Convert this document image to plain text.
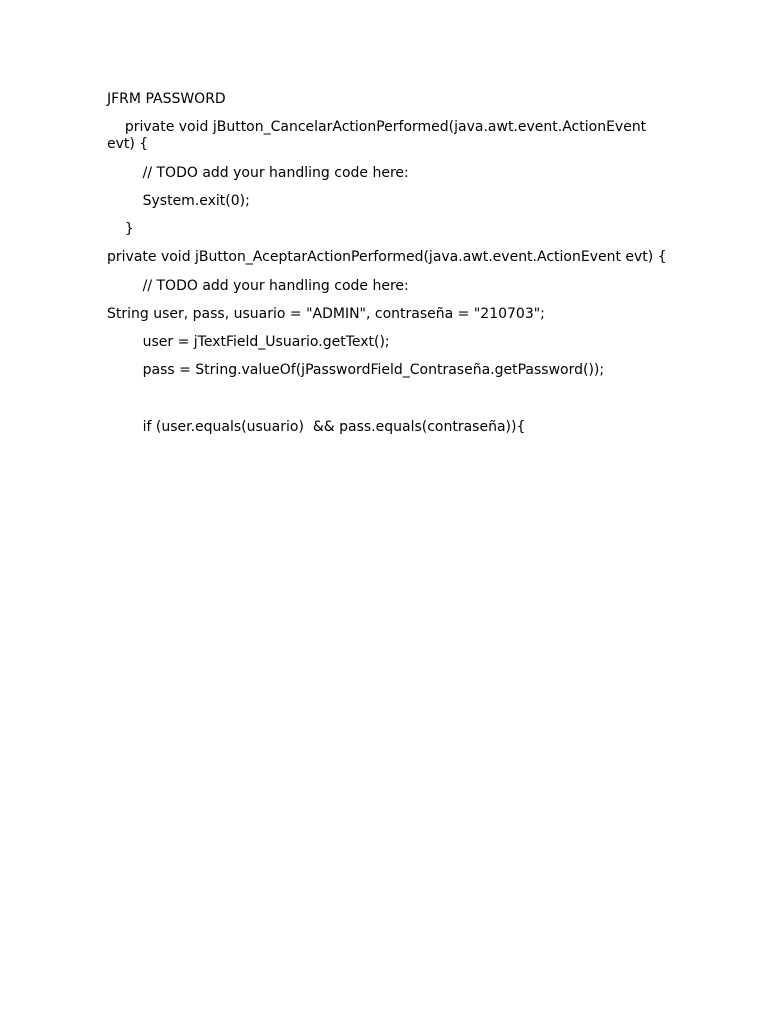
JFRM PASSWORD
private void jButton_CancelarActionPerformed(java.awt.event.ActionEvent evt) {
// TODO add your handling code here:
System.exit(0);
}
private void jButton_AceptarActionPerformed(java.awt.event.ActionEvent evt) {
// TODO add your handling code here:
String user, pass, usuario = "ADMIN", contraseña = "210703";
user = jTextField_Usuario.getText();
pass = String.valueOf(jPasswordField_Contraseña.getPassword());
if (user.equals(usuario)  && pass.equals(contraseña)){
